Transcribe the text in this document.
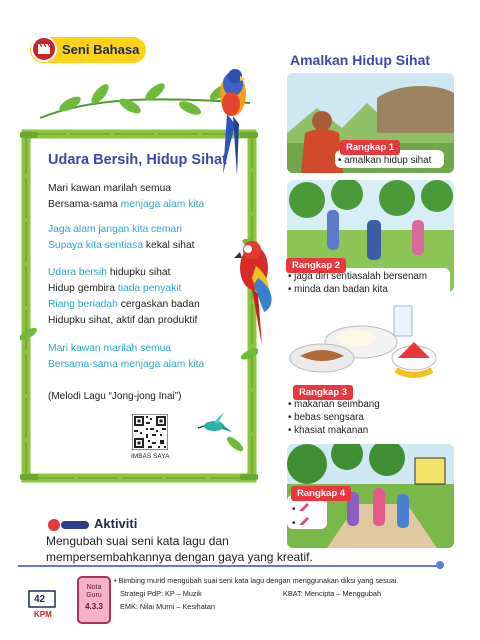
Seni Bahasa
Udara Bersih, Hidup Sihat
Mari kawan marilah semua
Bersama-sama menjaga alam kita
Jaga alam jangan kita cemari
Supaya kita sentiasa kekal sihat
Udara bersih hidupku sihat
Hidup gembira tiada penyakit
Riang beriadah cergaskan badan
Hidupku sihat, aktif dan produktif
Mari kawan marilah semua
Bersama-sama menjaga alam kita
(Melodi Lagu “Jong-jong Inai”)
IMBAS SAYA
Amalkan Hidup Sihat
Rangkap 1
• amalkan hidup sihat
Rangkap 2
• jaga diri sentiasalah bersenam
• minda dan badan kita
Rangkap 3
• makanan seimbang
• bebas sengsara
• khasiat makanan
Rangkap 4
•
•
Aktiviti
Mengubah suai seni kata lagu dan
mempersembahkannya dengan gaya yang kreatif.
42
KPM
Nota
Guru
4.3.3
• Bimbing murid mengubah suai seni kata lagu dengan menggunakan diksi yang sesuai.
Strategi PdP: KP – Muzik	KBAT: Mencipta – Menggubah
EMK: Nilai Murni – Kesihatan
